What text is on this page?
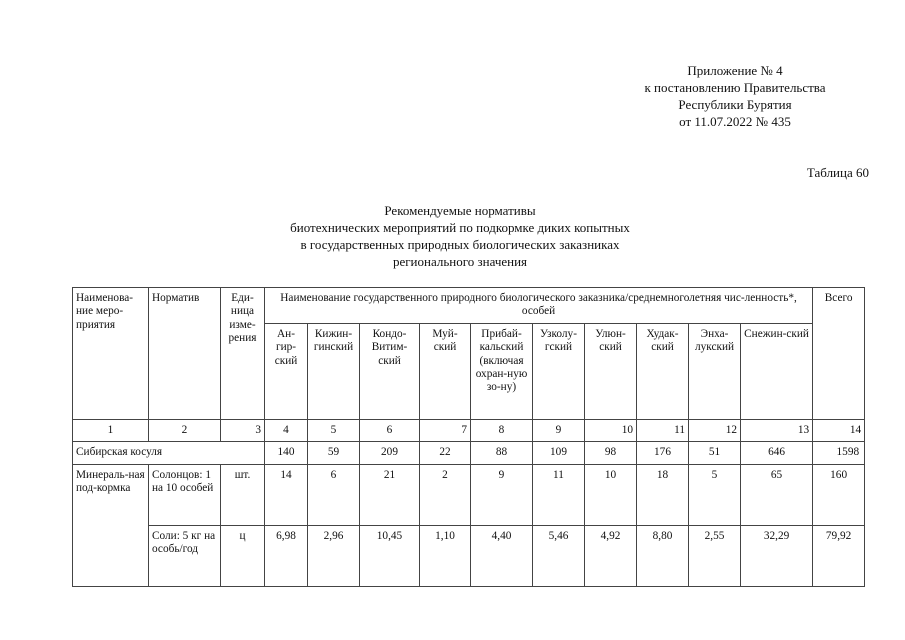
Приложение № 4
к постановлению Правительства
Республики Бурятия
от 11.07.2022 № 435
Таблица 60
Рекомендуемые нормативы
биотехнических мероприятий по подкормке диких копытных
в государственных природных биологических заказниках
регионального значения
Наименова-ние меро-приятия	Норматив	Еди-ница изме-рения	Наименование государственного природного биологического заказника/среднемноголетняя чис-ленность*, особей										Всего
			Ан-гир-ский	Кижин-гинский	Кондо-Витим-ский	Муй-ский	Прибай-кальский (включая охран-ную зо-ну)	Узколу-гский	Улюн-ский	Худак-ский	Энха-лукский	Снежин-ский	
1	2	3	4	5	6	7	8	9	10	11	12	13	14
Сибирская косуля			140	59	209	22	88	109	98	176	51	646	1598
Минераль-ная под-кормка	Солонцов: 1 на 10 особей	шт.	14	6	21	2	9	11	10	18	5	65	160
	Соли: 5 кг на особь/год	ц	6,98	2,96	10,45	1,10	4,40	5,46	4,92	8,80	2,55	32,29	79,92
